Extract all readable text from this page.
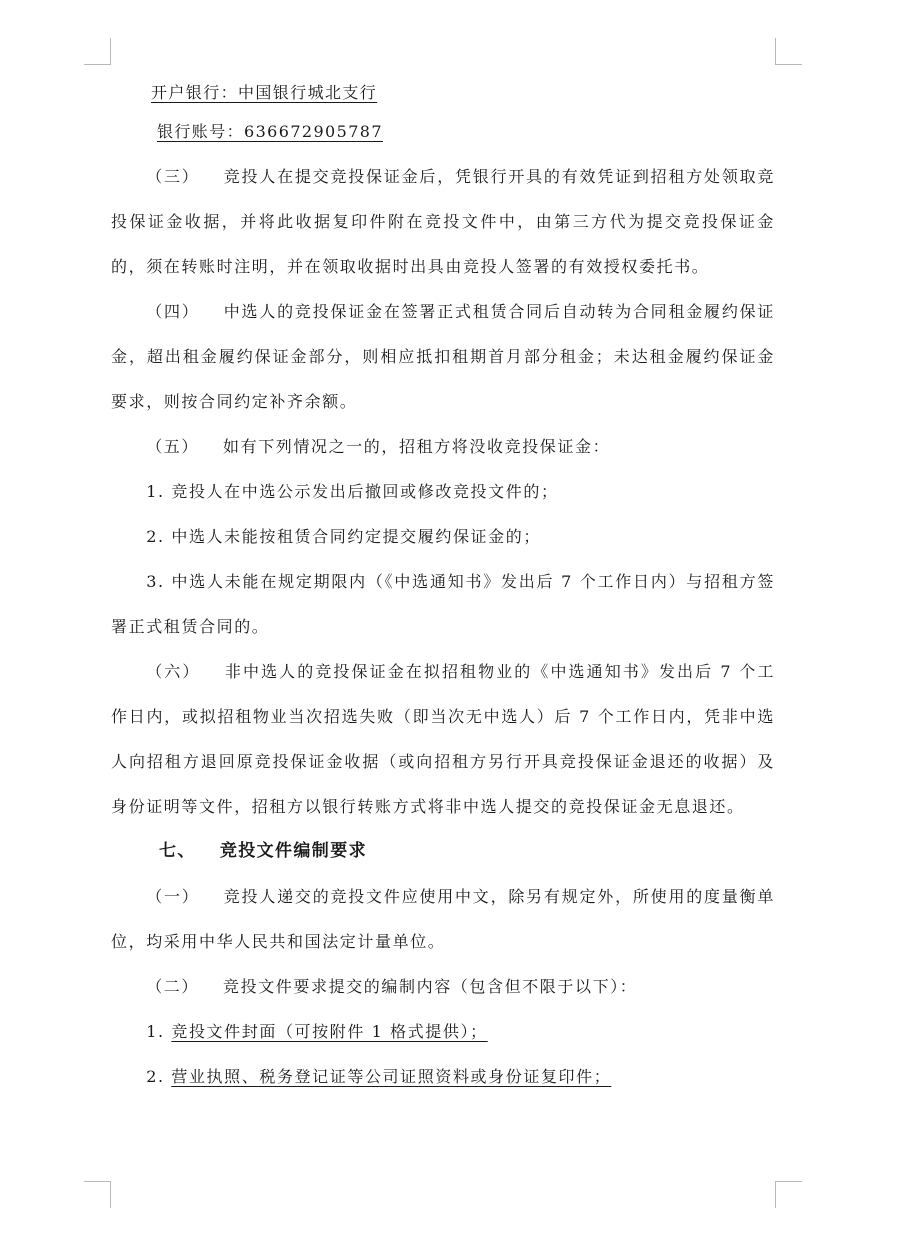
开户银行：中国银行城北支行

银行账号：636672905787

（三） 竞投人在提交竞投保证金后，凭银行开具的有效凭证到招租方处领取竞投保证金收据，并将此收据复印件附在竞投文件中，由第三方代为提交竞投保证金的，须在转账时注明，并在领取收据时出具由竞投人签署的有效授权委托书。

（四） 中选人的竞投保证金在签署正式租赁合同后自动转为合同租金履约保证金，超出租金履约保证金部分，则相应抵扣租期首月部分租金；未达租金履约保证金要求，则按合同约定补齐余额。

（五） 如有下列情况之一的，招租方将没收竞投保证金：

1. 竞投人在中选公示发出后撤回或修改竞投文件的；

2. 中选人未能按租赁合同约定提交履约保证金的；

3. 中选人未能在规定期限内（《中选通知书》发出后 7 个工作日内）与招租方签署正式租赁合同的。

（六） 非中选人的竞投保证金在拟招租物业的《中选通知书》发出后 7 个工作日内，或拟招租物业当次招选失败（即当次无中选人）后 7 个工作日内，凭非中选人向招租方退回原竞投保证金收据（或向招租方另行开具竞投保证金退还的收据）及身份证明等文件，招租方以银行转账方式将非中选人提交的竞投保证金无息退还。

七、 竞投文件编制要求

（一） 竞投人递交的竞投文件应使用中文，除另有规定外，所使用的度量衡单位，均采用中华人民共和国法定计量单位。

（二） 竞投文件要求提交的编制内容（包含但不限于以下）：

1. 竞投文件封面（可按附件 1 格式提供）；

2. 营业执照、税务登记证等公司证照资料或身份证复印件；
